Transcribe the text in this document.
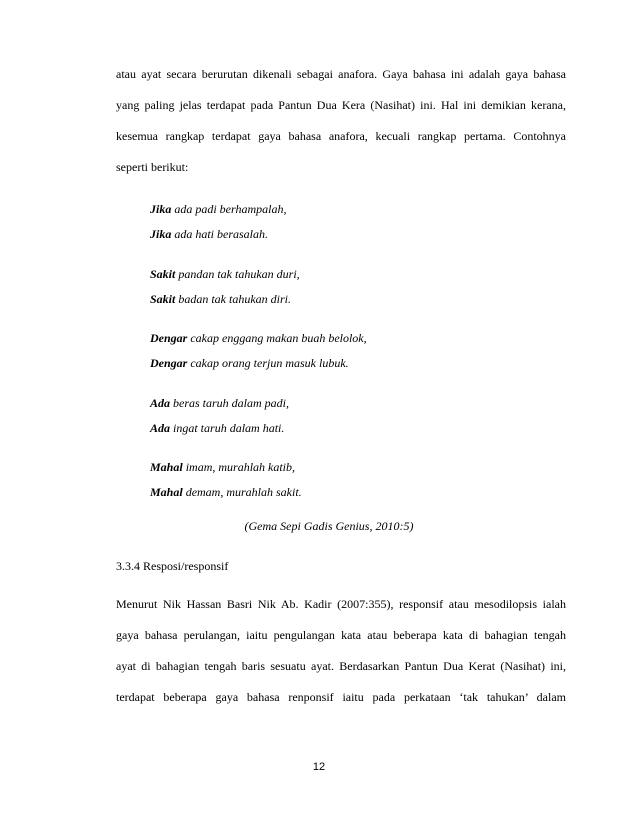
atau ayat secara berurutan dikenali sebagai anafora. Gaya bahasa ini adalah gaya bahasa
yang paling jelas terdapat pada Pantun Dua Kera (Nasihat) ini. Hal ini demikian kerana,
kesemua rangkap terdapat gaya bahasa anafora, kecuali rangkap pertama. Contohnya
seperti berikut:
Jika ada padi berhampalah,
Jika ada hati berasalah.
Sakit pandan tak tahukan duri,
Sakit badan tak tahukan diri.
Dengar cakap enggang makan buah belolok,
Dengar cakap orang terjun masuk lubuk.
Ada beras taruh dalam padi,
Ada ingat taruh dalam hati.
Mahal imam, murahlah katib,
Mahal demam, murahlah sakit.
(Gema Sepi Gadis Genius, 2010:5)
3.3.4 Resposi/responsif
Menurut Nik Hassan Basri Nik Ab. Kadir (2007:355), responsif atau mesodilopsis ialah
gaya bahasa perulangan, iaitu pengulangan kata atau beberapa kata di bahagian tengah
ayat di bahagian tengah baris sesuatu ayat. Berdasarkan Pantun Dua Kerat (Nasihat) ini,
terdapat beberapa gaya bahasa renponsif iaitu pada perkataan ‘tak tahukan’ dalam
12
